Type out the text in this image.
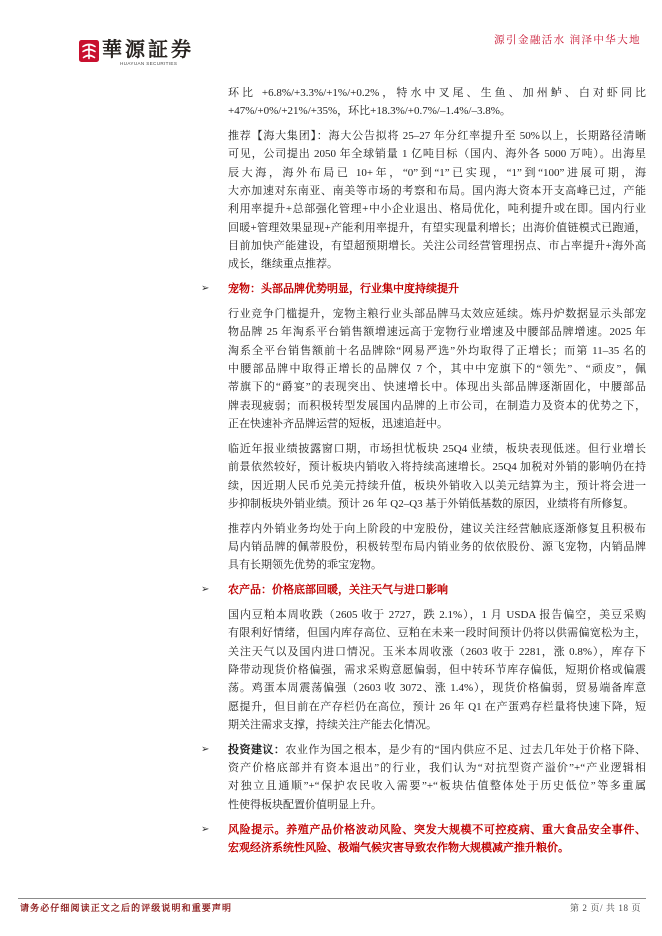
華源証券
HUAYUAN SECURITIES
源引金融活水 润泽中华大地
环比 +6.8%/+3.3%/+1%/+0.2%，特水中叉尾、生鱼、加州鲈、白对虾同比
+47%/+0%/+21%/+35%，环比+18.3%/+0.7%/–1.4%/–3.8%。
推荐【海大集团】：海大公告拟将 25–27 年分红率提升至 50%以上，长期路径清晰
可见，公司提出 2050 年全球销量 1 亿吨目标（国内、海外各 5000 万吨）。出海星
辰大海，海外布局已 10+年，“0”到“1”已实现，“1”到“100”进展可期，海
大亦加速对东南亚、南美等市场的考察和布局。国内海大资本开支高峰已过，产能
利用率提升+总部强化管理+中小企业退出、格局优化，吨利提升或在即。国内行业
回暖+管理效果显现+产能利用率提升，有望实现量利增长；出海价值链模式已跑通，
目前加快产能建设，有望超预期增长。关注公司经营管理拐点、市占率提升+海外高
成长，继续重点推荐。
➢	宠物：头部品牌优势明显，行业集中度持续提升
行业竞争门槛提升，宠物主粮行业头部品牌马太效应延续。炼丹炉数据显示头部宠
物品牌 25 年淘系平台销售额增速远高于宠物行业增速及中腰部品牌增速。2025 年
淘系全平台销售额前十名品牌除“网易严选”外均取得了正增长；而第 11–35 名的
中腰部品牌中取得正增长的品牌仅 7 个，其中中宠旗下的“领先”、“顽皮”，佩
蒂旗下的“爵宴”的表现突出、快速增长中。体现出头部品牌逐渐固化，中腰部品
牌表现疲弱；而积极转型发展国内品牌的上市公司，在制造力及资本的优势之下，
正在快速补齐品牌运营的短板，迅速追赶中。
临近年报业绩披露窗口期，市场担忧板块 25Q4 业绩，板块表现低迷。但行业增长
前景依然较好，预计板块内销收入将持续高速增长。25Q4 加税对外销的影响仍在持
续，因近期人民币兑美元持续升值，板块外销收入以美元结算为主，预计将会进一
步抑制板块外销业绩。预计 26 年 Q2–Q3 基于外销低基数的原因，业绩将有所修复。
推荐内外销业务均处于向上阶段的中宠股份，建议关注经营触底逐渐修复且积极布
局内销品牌的佩蒂股份，积极转型布局内销业务的依依股份、源飞宠物，内销品牌
具有长期领先优势的乖宝宠物。
➢	农产品：价格底部回暖，关注天气与进口影响
国内豆粕本周收跌（2605 收于 2727，跌 2.1%），1 月 USDA 报告偏空，美豆采购
有限利好情绪，但国内库存高位、豆粕在未来一段时间预计仍将以供需偏宽松为主，
关注天气以及国内进口情况。玉米本周收涨（2603 收于 2281，涨 0.8%），库存下
降带动现货价格偏强，需求采购意愿偏弱，但中转环节库存偏低，短期价格或偏震
荡。鸡蛋本周震荡偏强（2603 收 3072、涨 1.4%），现货价格偏弱，贸易端备库意
愿提升，但目前在产存栏仍在高位，预计 26 年 Q1 在产蛋鸡存栏量将快速下降，短
期关注需求支撑，持续关注产能去化情况。
➢	投资建议：农业作为国之根本，是少有的“国内供应不足、过去几年处于价格下降、
资产价格底部并有资本退出”的行业，我们认为“对抗型资产溢价”+“产业逻辑相
对独立且通顺”+“保护农民收入需要”+“板块估值整体处于历史低位”等多重属
性使得板块配置价值明显上升。
➢	风险提示。养殖产品价格波动风险、突发大规模不可控疫病、重大食品安全事件、
宏观经济系统性风险、极端气候灾害导致农作物大规模减产推升粮价。
请务必仔细阅读正文之后的评级说明和重要声明	第 2 页/ 共 18 页
